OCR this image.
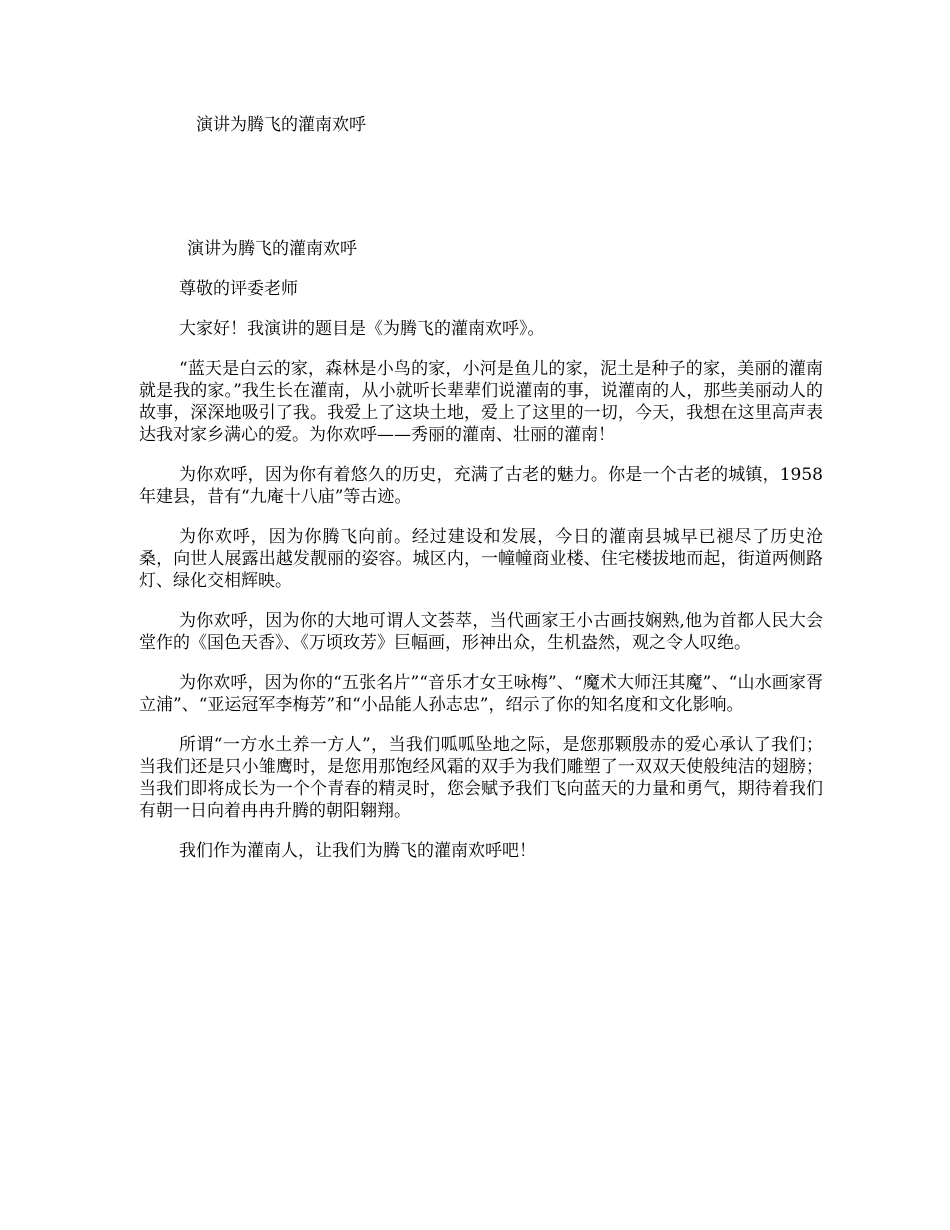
演讲为腾飞的灌南欢呼

演讲为腾飞的灌南欢呼

尊敬的评委老师

大家好！我演讲的题目是《为腾飞的灌南欢呼》。

“蓝天是白云的家，森林是小鸟的家，小河是鱼儿的家，泥土是种子的家，美丽的灌南就是我的家。”我生长在灌南，从小就听长辈辈们说灌南的事，说灌南的人，那些美丽动人的故事，深深地吸引了我。我爱上了这块土地，爱上了这里的一切，今天，我想在这里高声表达我对家乡满心的爱。为你欢呼——秀丽的灌南、壮丽的灌南！

为你欢呼，因为你有着悠久的历史，充满了古老的魅力。你是一个古老的城镇，1958年建县，昔有“九庵十八庙”等古迹。

为你欢呼，因为你腾飞向前。经过建设和发展，今日的灌南县城早已褪尽了历史沧桑，向世人展露出越发靓丽的姿容。城区内，一幢幢商业楼、住宅楼拔地而起，街道两侧路灯、绿化交相辉映。

为你欢呼，因为你的大地可谓人文荟萃，当代画家王小古画技娴熟,他为首都人民大会堂作的《国色天香》、《万顷玫芳》巨幅画，形神出众，生机盎然，观之令人叹绝。

为你欢呼，因为你的“五张名片”“音乐才女王咏梅”、“魔术大师汪其魔”、“山水画家胥立浦”、“亚运冠军李梅芳”和“小品能人孙志忠”，绍示了你的知名度和文化影响。

所谓“一方水土养一方人”，当我们呱呱坠地之际，是您那颗殷赤的爱心承认了我们；当我们还是只小雏鹰时，是您用那饱经风霜的双手为我们雕塑了一双双天使般纯洁的翅膀；当我们即将成长为一个个青春的精灵时，您会赋予我们飞向蓝天的力量和勇气，期待着我们有朝一日向着冉冉升腾的朝阳翱翔。

我们作为灌南人，让我们为腾飞的灌南欢呼吧！
